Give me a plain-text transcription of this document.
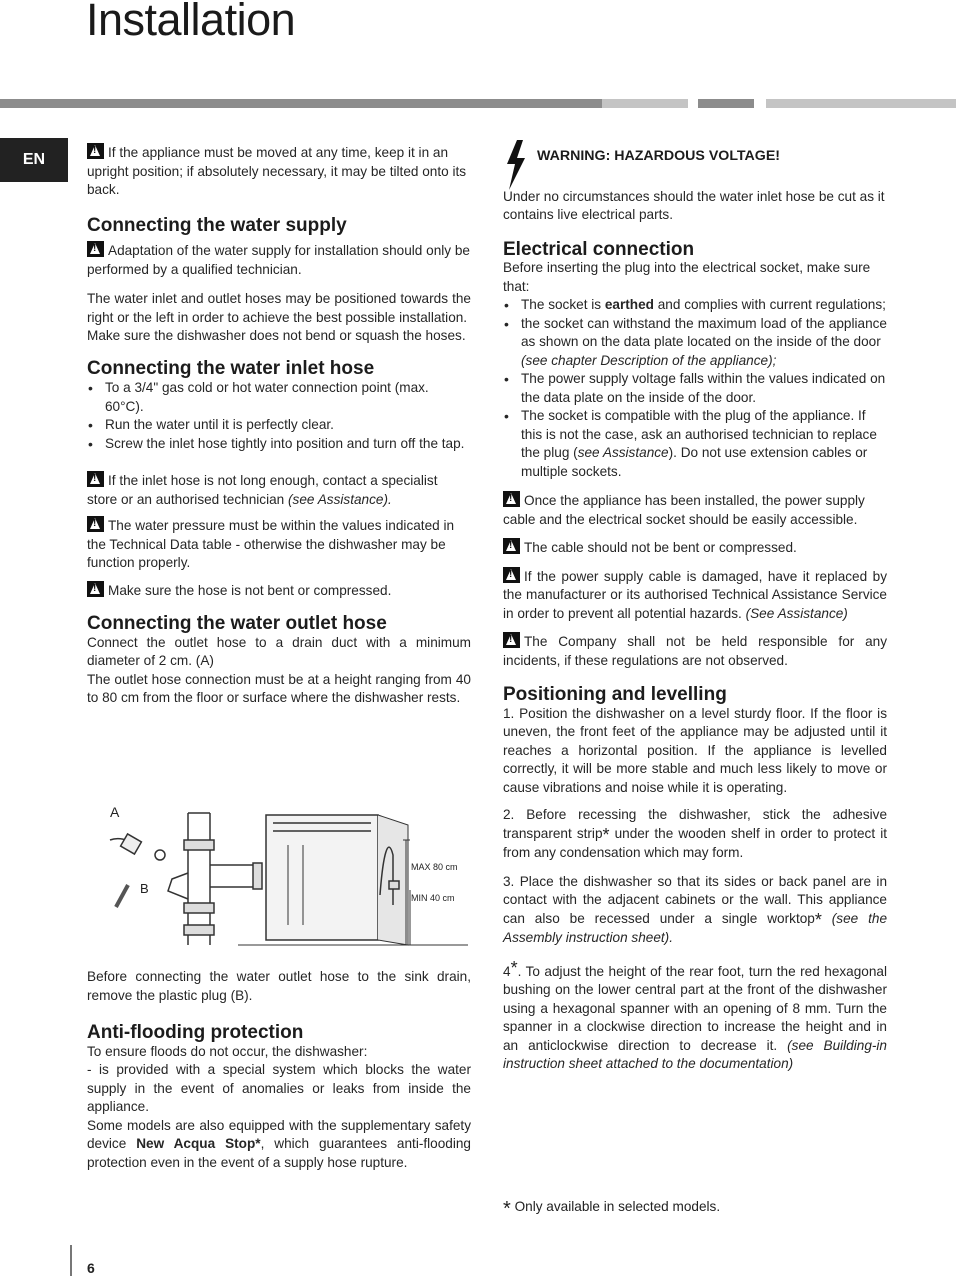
Installation
EN

!	If the appliance must be moved at any time, keep it in an upright position; if absolutely necessary, it may be tilted onto its back.

Connecting the water supply

!Adaptation of the water supply for installation should only be performed by a qualified technician.

The water inlet and outlet hoses may be positioned towards the right or the left in order to achieve the best possible installation.

Make sure the dishwasher does not bend or squash the hoses.

Connecting the water inlet hose
• To a 3/4" gas cold or hot water connection point (max. 60°C).
• Run the water until it is perfectly clear.
• Screw the inlet hose tightly into position and turn off the tap.

!If the inlet hose is not long enough, contact a specialist store or an authorised technician (see Assistance).

!The water pressure must be within the values indicated in the Technical Data table - otherwise the dishwasher may be function properly.

!Make sure the hose is not bent or compressed.

Connecting the water outlet hose

Connect the outlet hose to a drain duct with a minimum diameter of 2 cm. (A)

The outlet hose connection must be at a height ranging from 40 to 80 cm from the floor or surface where the dishwasher rests.

A
B
MAX 80 cm
MIN 40 cm

Before connecting the water outlet hose to the sink drain, remove the plastic plug (B).

Anti-flooding protection

To ensure floods do not occur, the dishwasher:

- is provided with a special system which blocks the water supply in the event of anomalies or leaks from inside the appliance.

Some models are also equipped with the supplementary safety device New Acqua Stop*, which guarantees anti-flooding protection even in the event of a supply hose rupture.

WARNING: HAZARDOUS VOLTAGE!

Under no circumstances should the water inlet hose be cut as it contains live electrical parts.

Electrical connection

Before inserting the plug into the electrical socket, make sure that:

• The socket is earthed and complies with current regulations;
• the socket can withstand the maximum load of the appliance as shown on the data plate located on the inside of the door
(see chapter Description of the appliance);
• The power supply voltage falls within the values indicated on the data plate on the inside of the door.
• The socket is compatible with the plug of the appliance. If this is not the case, ask an authorised technician to replace the plug (see Assistance). Do not use extension cables or multiple sockets.

!Once the appliance has been installed, the power supply cable and the electrical socket should be easily accessible.

!The cable should not be bent or compressed.

!If the power supply cable is damaged, have it replaced by the manufacturer or its authorised Technical Assistance Service in order to prevent all potential hazards. (See Assistance)

!The Company shall not be held responsible for any incidents, if these regulations are not observed.

Positioning and levelling

1. Position the dishwasher on a level sturdy floor. If the floor is uneven, the front feet of the appliance may be adjusted until it reaches a horizontal position. If the appliance is levelled correctly, it will be more stable and much less likely to move or cause vibrations and noise while it is operating.

2. Before recessing the dishwasher, stick the adhesive transparent strip* under the wooden shelf in order to protect it from any condensation which may form.

3. Place the dishwasher so that its sides or back panel are in contact with the adjacent cabinets or the wall. This appliance can also be recessed under a single worktop* (see the Assembly instruction sheet).

4*. To adjust the height of the rear foot, turn the red hexagonal bushing on the lower central part at the front of the dishwasher using a hexagonal spanner with an opening of 8 mm. Turn the spanner in a clockwise direction to increase the height and in an anticlockwise direction to decrease it. (see Building-in instruction sheet attached to the documentation)

* Only available in selected models.
6
